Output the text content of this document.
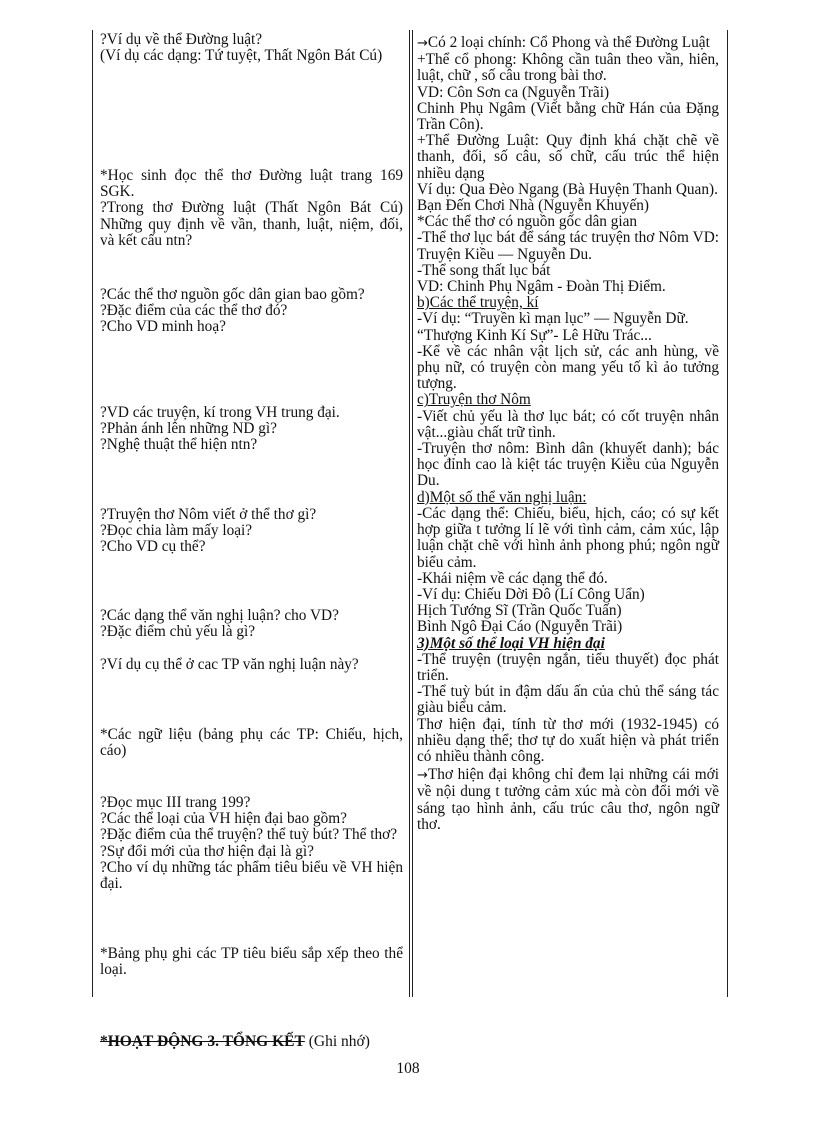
?Ví dụ về thể Đường luật?

(Ví dụ các dạng: Tứ tuyệt, Thất Ngôn Bát Cú)

*Học sinh đọc thể thơ Đường luật trang 169 SGK.

?Trong thơ Đường luật (Thất Ngôn Bát Cú) Những quy định về vần, thanh, luật, niệm, đối, và kết cấu ntn?

?Các thể thơ nguồn gốc dân gian bao gồm?

?Đặc điểm của các thể thơ đó?

?Cho VD minh hoạ?

?VD các truyện, kí trong VH trung đại.

?Phản ánh lên những ND gì?

?Nghệ thuật thể hiện ntn?

?Truyện thơ Nôm viết ở thể thơ gì?

?Đọc chia làm mấy loại?

?Cho VD cụ thể?

?Các dạng thể văn nghị luận? cho VD?

?Đặc điểm chủ yếu là gì?

?Ví dụ cụ thể ở cac TP văn nghị luận này?

*Các ngữ liệu (bảng phụ các TP: Chiếu, hịch, cáo)

?Đọc mục III trang 199?

?Các thể loại của VH hiện đại bao gồm?

?Đặc điểm của thể truyện? thể tuỳ bút? Thể thơ?

?Sự đổi mới của thơ hiện đại là gì?

?Cho ví dụ những tác phẩm tiêu biểu về VH hiện đại.

*Bảng phụ ghi các TP tiêu biểu sắp xếp theo thể loại.

→Có 2 loại chính: Cổ Phong và thể Đường Luật

+Thể cổ phong: Không cần tuân theo vần, hiên, luật, chữ , số câu trong bài thơ.

VD: Côn Sơn ca (Nguyễn Trãi)

Chinh Phụ Ngâm (Viết bằng chữ Hán của Đặng Trần Côn).

+Thể Đường Luật: Quy định khá chặt chẽ về thanh, đối, số câu, số chữ, cấu trúc thể hiện nhiều dạng

Ví dụ: Qua Đèo Ngang (Bà Huyện Thanh Quan).

Bạn Đến Chơi Nhà (Nguyễn Khuyến)

*Các thể thơ có nguồn gốc dân gian

-Thể thơ lục bát để sáng tác truyện thơ Nôm VD: Truyện Kiều — Nguyễn Du.

-Thể song thất lục bát

VD: Chinh Phụ Ngâm - Đoàn Thị Điểm.

b)Các thể truyện, kí

-Ví dụ: “Truyền kì mạn lục” — Nguyễn Dữ.

“Thượng Kinh Kí Sự”- Lê Hữu Trác...

-Kể về các nhân vật lịch sử, các anh hùng, về phụ nữ, có truyện còn mang yếu tố kì ảo tưởng tượng.

c)Truyện thơ Nôm

-Viết chủ yếu là thơ lục bát; có cốt truyện nhân vật...giàu chất trữ tình.

-Truyện thơ nôm: Bình dân (khuyết danh); bác học đỉnh cao là kiệt tác truyện Kiều của Nguyễn Du.

d)Một số thể văn nghị luận:

-Các dạng thể: Chiếu, biểu, hịch, cáo; có sự kết hợp giữa t tưởng lí lẽ với tình cảm, cảm xúc, lập luận chặt chẽ với hình ảnh phong phú; ngôn ngữ biểu cảm.

-Khái niệm về các dạng thể đó.

-Ví dụ: Chiếu Dời Đô (Lí Công Uẩn)

Hịch Tướng Sĩ (Trần Quốc Tuấn)

Bình Ngô Đại Cáo (Nguyễn Trãi)

3)Một số thể loại VH hiện đại

-Thể truyện (truyện ngắn, tiểu thuyết) đọc phát triển.

-Thể tuỳ bút in đậm dấu ấn của chủ thể sáng tác giàu biểu cảm.

Thơ hiện đại, tính từ thơ mới (1932-1945) có nhiều dạng thể; thơ tự do xuất hiện và phát triển có nhiều thành công.

→Thơ hiện đại không chỉ đem lại những cái mới về nội dung t tưởng cảm xúc mà còn đổi mới về sáng tạo hình ảnh, cấu trúc câu thơ, ngôn ngữ thơ.

*HOẠT ĐỘNG 3. TỔNG KẾT (Ghi nhớ)
108
